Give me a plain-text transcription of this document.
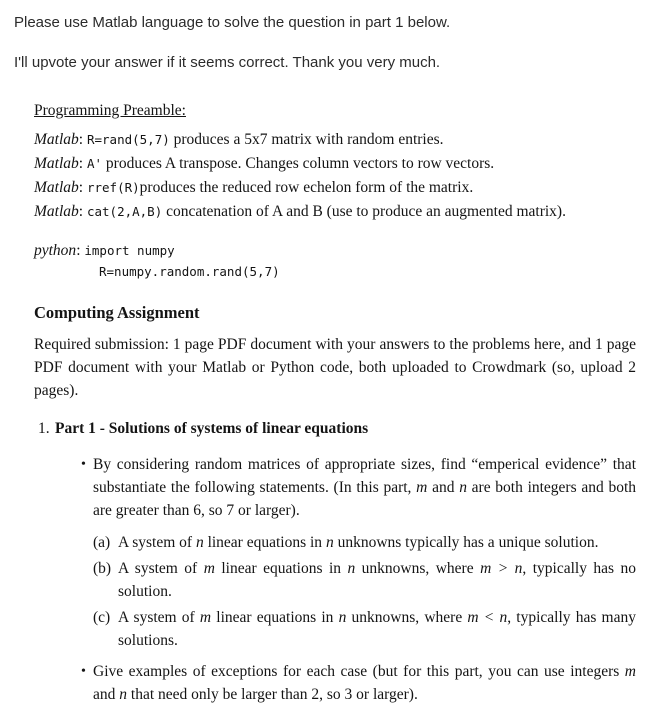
Please use Matlab language to solve the question in part 1 below.

I'll upvote your answer if it seems correct. Thank you very much.

Programming Preamble:
Matlab: R=rand(5,7) produces a 5x7 matrix with random entries.
Matlab: A' produces A transpose. Changes column vectors to row vectors.
Matlab: rref(R)produces the reduced row echelon form of the matrix.
Matlab: cat(2,A,B) concatenation of A and B (use to produce an augmented matrix).
python: import numpy
R=numpy.random.rand(5,7)
Computing Assignment

Required submission: 1 page PDF document with your answers to the problems here, and 1 page PDF document with your Matlab or Python code, both uploaded to Crowdmark (so, upload 2 pages).

1. Part 1 - Solutions of systems of linear equations
• By considering random matrices of appropriate sizes, find “emperical evidence” that substantiate the following statements. (In this part, m and n are both integers and both are greater than 6, so 7 or larger).
(a) A system of n linear equations in n unknowns typically has a unique solution.
(b) A system of m linear equations in n unknowns, where m > n, typically has no solution.
(c) A system of m linear equations in n unknowns, where m < n, typically has many solutions.
• Give examples of exceptions for each case (but for this part, you can use integers m and n that need only be larger than 2, so 3 or larger).
